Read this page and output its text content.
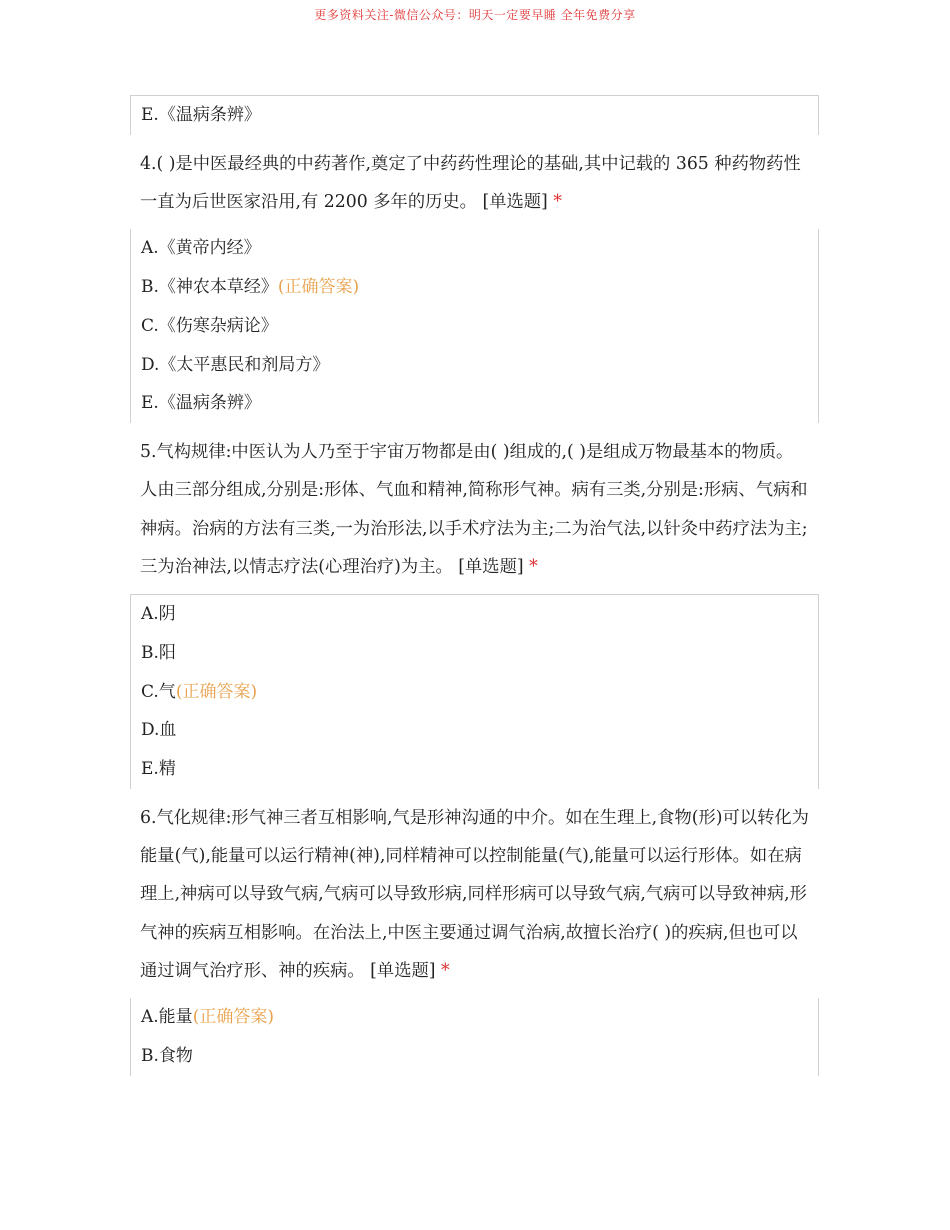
更多资料关注-微信公众号：明天一定要早睡 全年免费分享
E.《温病条辨》
4.( )是中医最经典的中药著作,奠定了中药药性理论的基础,其中记载的 365 种药物药性一直为后世医家沿用,有 2200 多年的历史。 [单选题] *
A.《黄帝内经》
B.《神农本草经》(正确答案)
C.《伤寒杂病论》
D.《太平惠民和剂局方》
E.《温病条辨》
5.气构规律:中医认为人乃至于宇宙万物都是由( )组成的,( )是组成万物最基本的物质。人由三部分组成,分别是:形体、气血和精神,简称形气神。病有三类,分别是:形病、气病和神病。治病的方法有三类,一为治形法,以手术疗法为主;二为治气法,以针灸中药疗法为主;三为治神法,以情志疗法(心理治疗)为主。 [单选题] *
A.阴
B.阳
C.气(正确答案)
D.血
E.精
6.气化规律:形气神三者互相影响,气是形神沟通的中介。如在生理上,食物(形)可以转化为能量(气),能量可以运行精神(神),同样精神可以控制能量(气),能量可以运行形体。如在病理上,神病可以导致气病,气病可以导致形病,同样形病可以导致气病,气病可以导致神病,形气神的疾病互相影响。在治法上,中医主要通过调气治病,故擅长治疗( )的疾病,但也可以通过调气治疗形、神的疾病。 [单选题] *
A.能量(正确答案)
B.食物
